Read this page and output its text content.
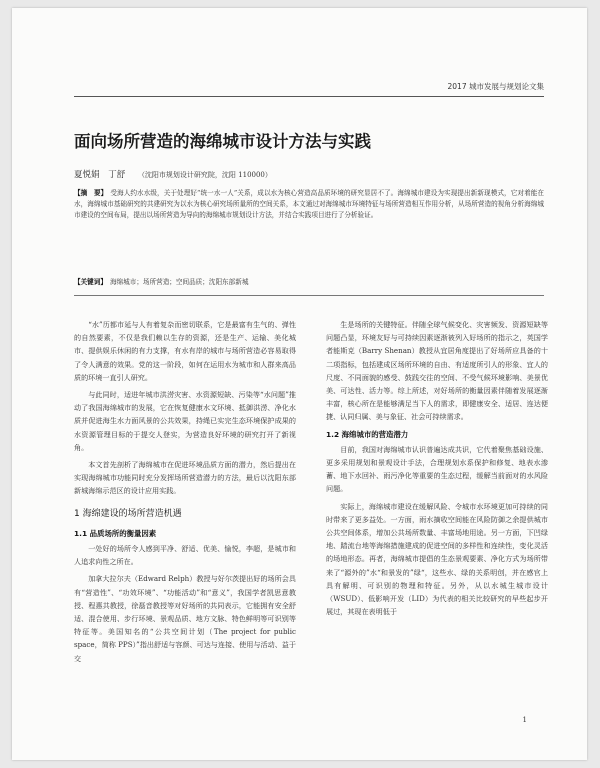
2017 城市发展与规划论文集
面向场所营造的海绵城市设计方法与实践
夏悦娟 丁舒 （沈阳市规划设计研究院，沈阳 110000）
【摘　要】 受海人约水水级，关于处理好“统一水一人”关系，成以水为核心营造高品质环境的研究显居不了。海绵城市建设为实现提出新新现模式，它对着能在水，海绵城市基础研究的共建研究为以水为核心研究场所量所的空间关系，本文通过对海绵城市环境特征与场所营造相互作用分析，从场所营造的视角分析海绵城市建设的空间布局，提出以场所营造为导向的海绵城市规划设计方法，并结合实践项目进行了分析验证。
【关键词】 海绵城市；场所营造；空间品质；沈阳东部新城

“水”历都市延与人有着复杂而密切联系，它是最富有生气的、弹性的自然要素，不仅是我们赖以生存的资源，还是生产、运输、美化城市、提供娱乐休闲的有力支撑，有水有岸的城市与场所营造必容易取得了令人满意的效果。党的这一阶段，如何在运用水为城市和人群来高品质的环境一直引人研究。

与此同时，适进年城市洪涝灾害、水资源短缺、污染等“水问题”推动了我国海绵城市的发展，它在恢复健康水文环境、抵御洪涝、净化水质并促进海生水力面风景的公共效果，持绳已实完生态环境保护成果的水资源管理目标的于提交人登实，为营造良好环境的研究打开了新视角。

本文首先剖析了海绵城市在促进环境品质方面的潜力，然后提出在实现海绵城市功能同时充分发挥场所营造潜力的方法，最后以沈阳东部新城海绵示范区的设计应用实践。

1 海绵建设的场所营造机遇
1.1 品质场所的衡量因素

一处好的场所令人感到平净、舒适、优美、愉悦，李超，是城市和人追求向性之所在。

加拿大拉尔夫（Edward Relph）教授与好尔茨提出好的场所会具有“营造性”、“功效环境”、“功能活动”和“意义”，我国学者凯思意教授、程惠共教授，徐磊音教授等对好场所的共同表示，它能拥有安全舒适、混合使用、步行环境、景观品质、地方文脉、特色鲜明等可识别等特征等。美国知名的“公共空间计划（The project for public space，简称 PPS）”指出舒适与容颜、可达与连接、使用与活动、益于交

生是场所的关键特征。伴随全球气候变化、灾害频发、资源短缺等问题凸显，环境友好与可持续因素逐渐被列入好场所的指示之，英国学者能斯克（Barry Shenan）教授从宜居角度提出了好场所应具备的十二项指标，包括建成区场所环境的自由、有适度所引人的形象、宜人的尺度、不同面貌的感受、鼓践交往的空间、不受气候环境影响、美景优美、可达性、活力等。综上所述，对好场所的衡量因素伴随着发展逐渐丰富，核心所在是能够满足当下人的需求，即健康安全、适居、连达便捷、认同归属、美与象征、社会可持续需求。

1.2 海绵城市的营造潜力

目前，我国对海绵城市认识普遍达成共识，它代着聚焦基础设施、更多采用规划和景观设计手法，合理规划水系保护和修复、地表水渗蓄、地下水回补、雨污净化等重要的生态过程，缓解当前面对的水风险问题。

实际上，海绵城市建设在缓解风险、令城市水环境更加可持续的同时带来了更多益处。一方面，雨水摘收空间能在风险防御之余提供城市公共空间体系，增加公共场所数量、丰富场地用途。另一方面，下凹绿地、踏流台地等海绵措施建成的促进空间的多样性和连续性，变化灵活的场地形态。再者，海绵城市提倡的生态景观要素、净化方式为场所带来了“源外的”水“和景发的”绿“，这些水、绿的关系明创，并在感官上具有解明、可识别的物理和特征。另外，从以水城生城市设计（WSUD）、低影响开发（LID）为代表的相关比较研究的早些起步开展过，其现在表明低于

1
